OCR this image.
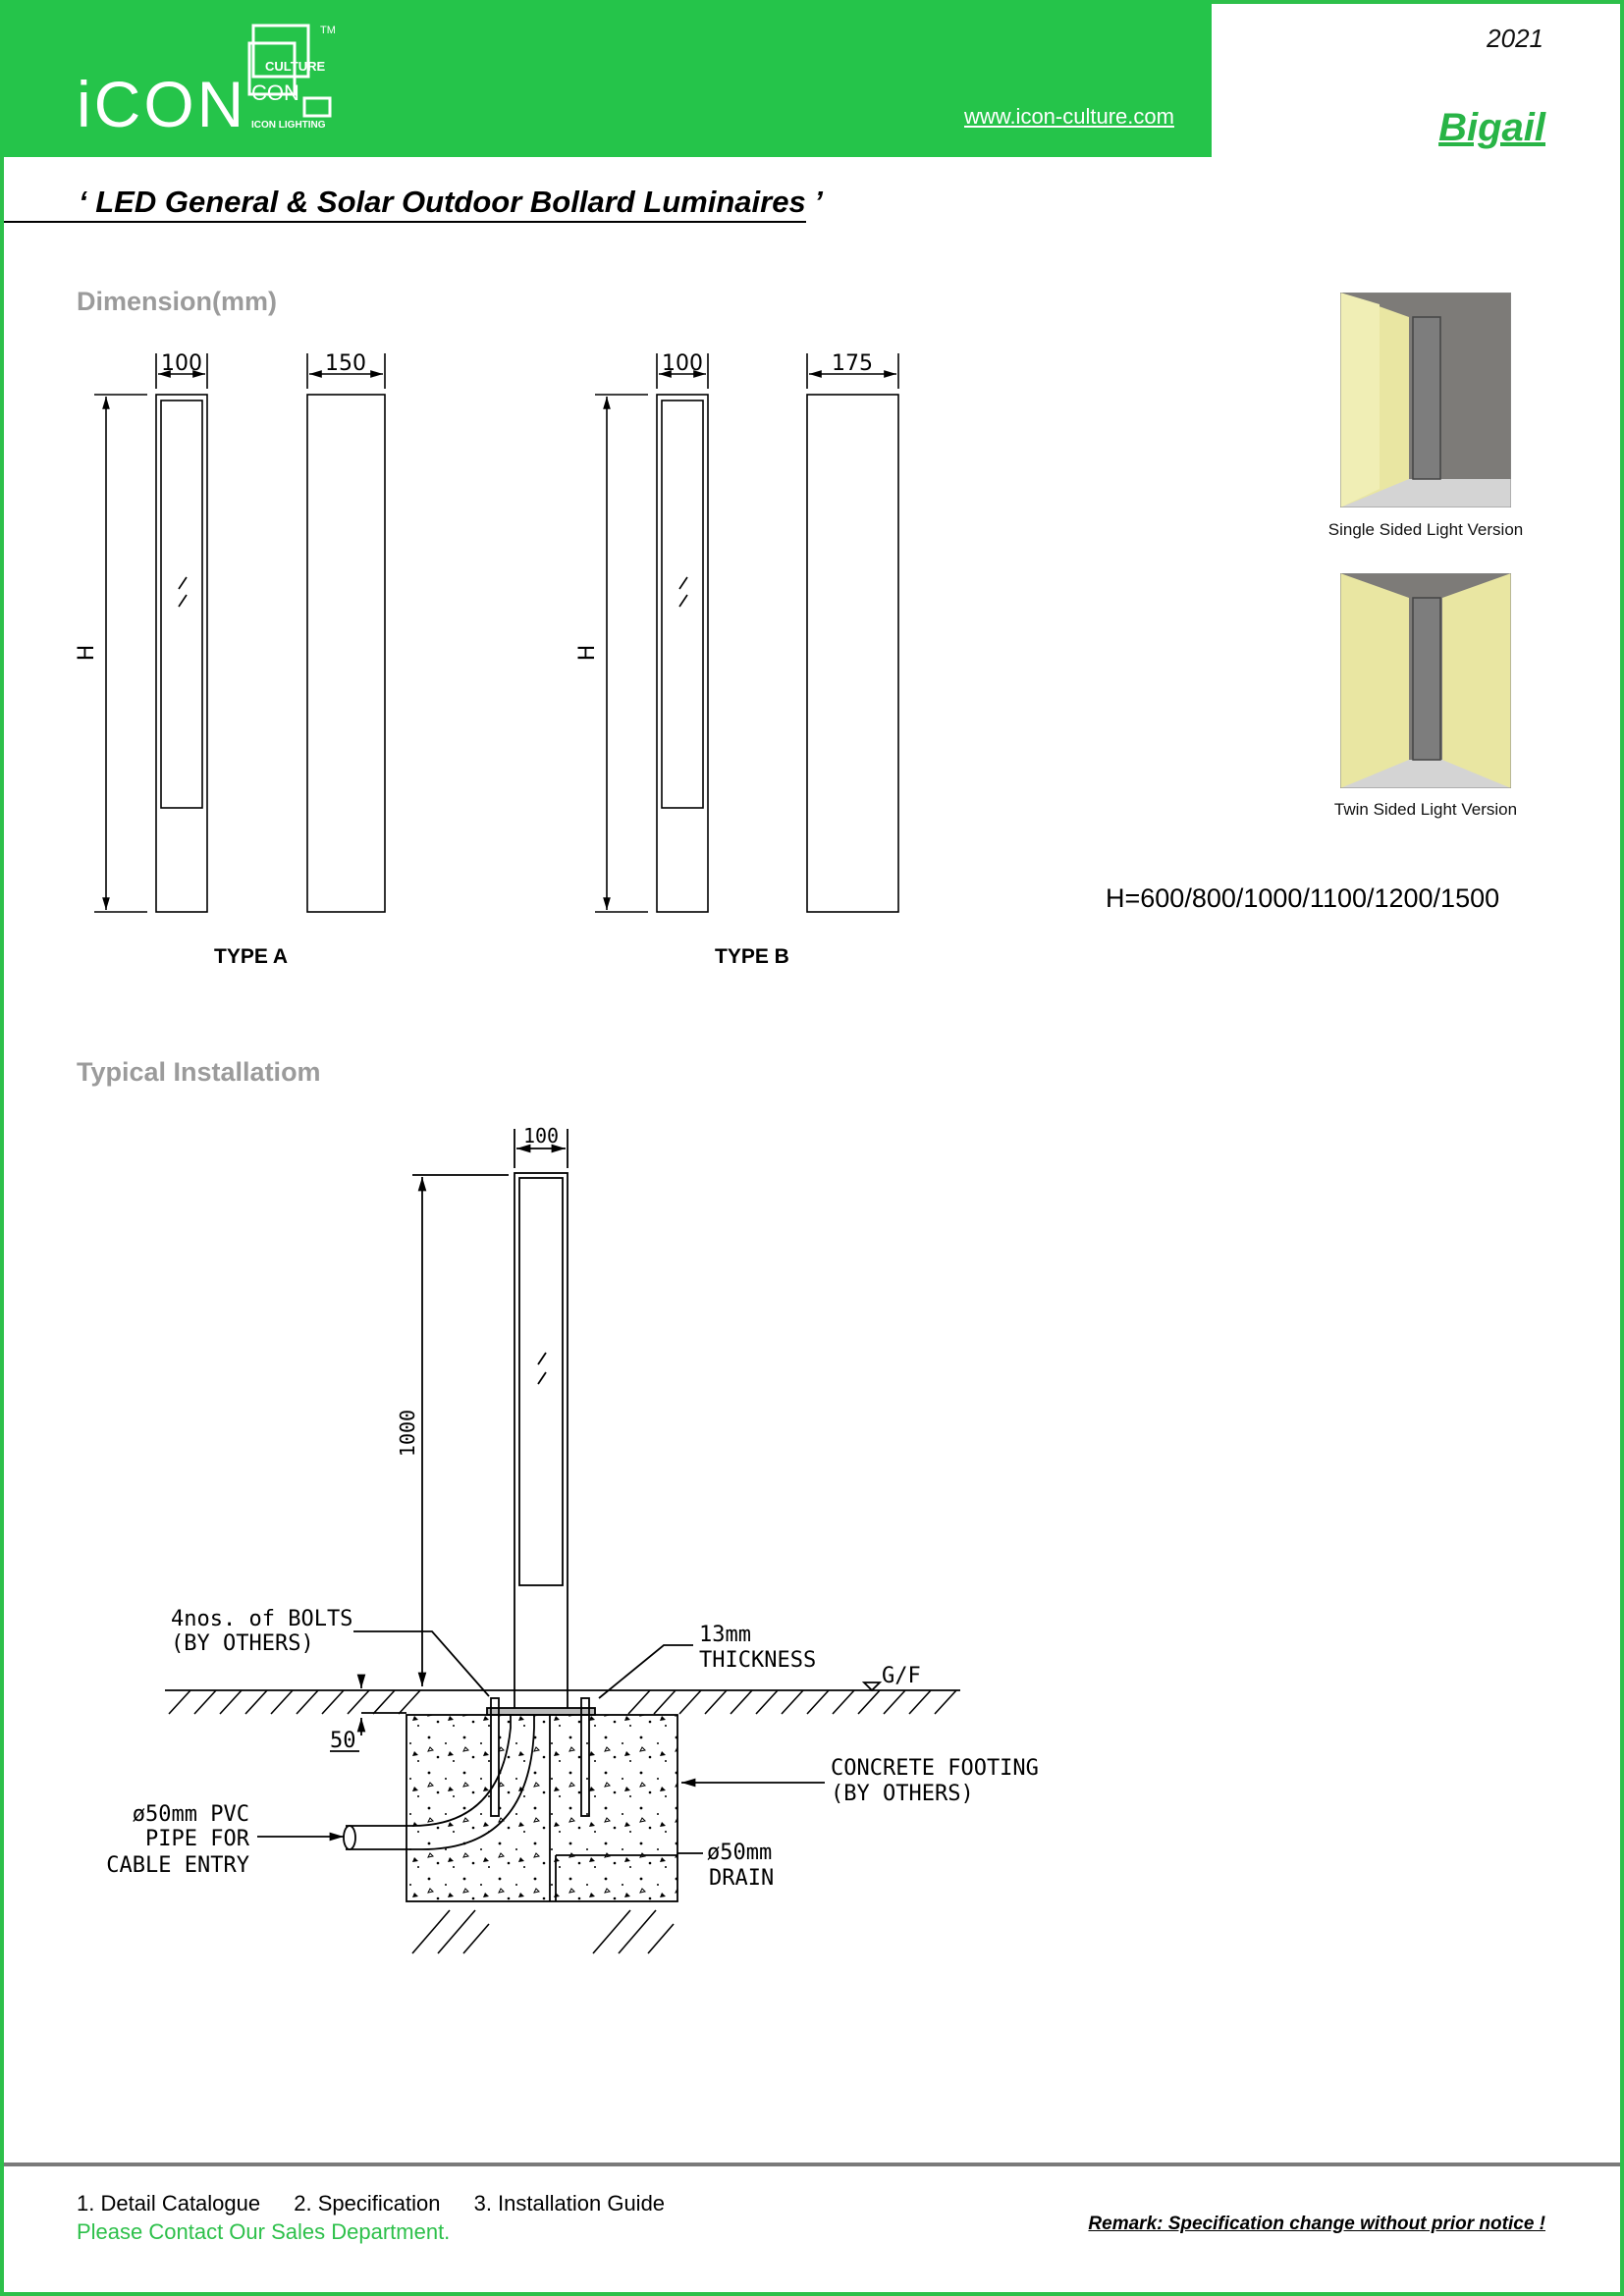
iCON
CULTURE
CON
ICON LIGHTING
TM
www.icon-culture.com
2021
Bigail
‘ LED General & Solar Outdoor Bollard Luminaires ’
Dimension(mm)
100	150
H
100	175
H
TYPE A	TYPE B
Single Sided Light Version
Twin Sided Light Version
H=600/800/1000/1100/1200/1500
Typical Installatiom
100
1000
4nos. of BOLTS
(BY OTHERS)	13mm
THICKNESS
G/F
50
CONCRETE FOOTING
(BY OTHERS)
ø50mm PVC
PIPE FOR
CABLE ENTRY
ø50mm
DRAIN
1. Detail Catalogue 2. Specification 3. Installation Guide
Please Contact Our Sales Department.	Remark: Specification change without prior notice !
